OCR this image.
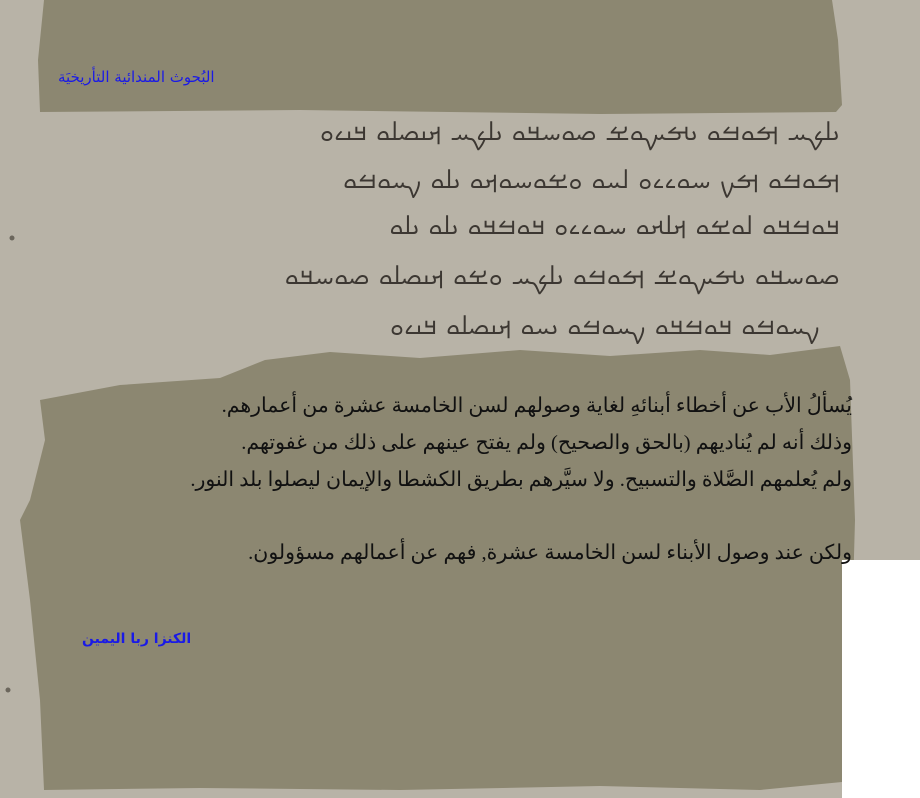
البُحوث المندائية التأريخيَة
ࡅࡋࡊࡄ ࡌࡀࡓࡀ ࡅࡌࡑࡀࡁ ࡎࡀࡄࡃࡀ ࡅࡋࡊࡄ ࡕࡅࡎࡋࡀ ࡃࡅࡉࡀ
ࡌࡀࡓࡀ ࡌࡍ ࡄࡀࡉࡉࡀ ࡋࡄࡀ ࡀࡁࡀࡄࡀࡕࡀ ࡅࡋࡀ ࡍࡄࡀࡓࡀ
ࡃࡀࡓࡃࡀ ࡋࡀࡁࡀ ࡕࡋࡕࡀ ࡄࡀࡉࡉࡀ ࡃࡀࡓࡃࡀ ࡅࡋࡀ ࡅࡋࡀ
ࡎࡀࡄࡃࡀ ࡅࡌࡑࡀࡁ ࡌࡀࡓࡀ ࡅࡋࡊࡄ ࡀࡁࡀ ࡕࡅࡎࡋࡀ ࡎࡀࡄࡃࡀ
ࡍࡄࡀࡓࡀ ࡃࡀࡓࡃࡀ ࡍࡄࡀࡓࡀ ࡅࡄࡀ ࡕࡅࡎࡋࡀ ࡃࡅࡉࡀ
يُسألُ الأب عن أخطاء أبنائهِ لغاية وصولهم لسن الخامسة عشرة من أعمارهم.
وذلك أنه لم يُناديهم (بالحق والصحيح) ولم يفتح عينهم على ذلك من غفوتهم.
ولم يُعلمهم الصَّلاة والتسبيح. ولا سيَّرهم بطريق الكشطا والإيمان ليصلوا بلد النور.
ولكن عند وصول الأبناء لسن الخامسة عشرة, فهم عن أعمالهم مسؤولون.
الكنزا ربا اليمين
